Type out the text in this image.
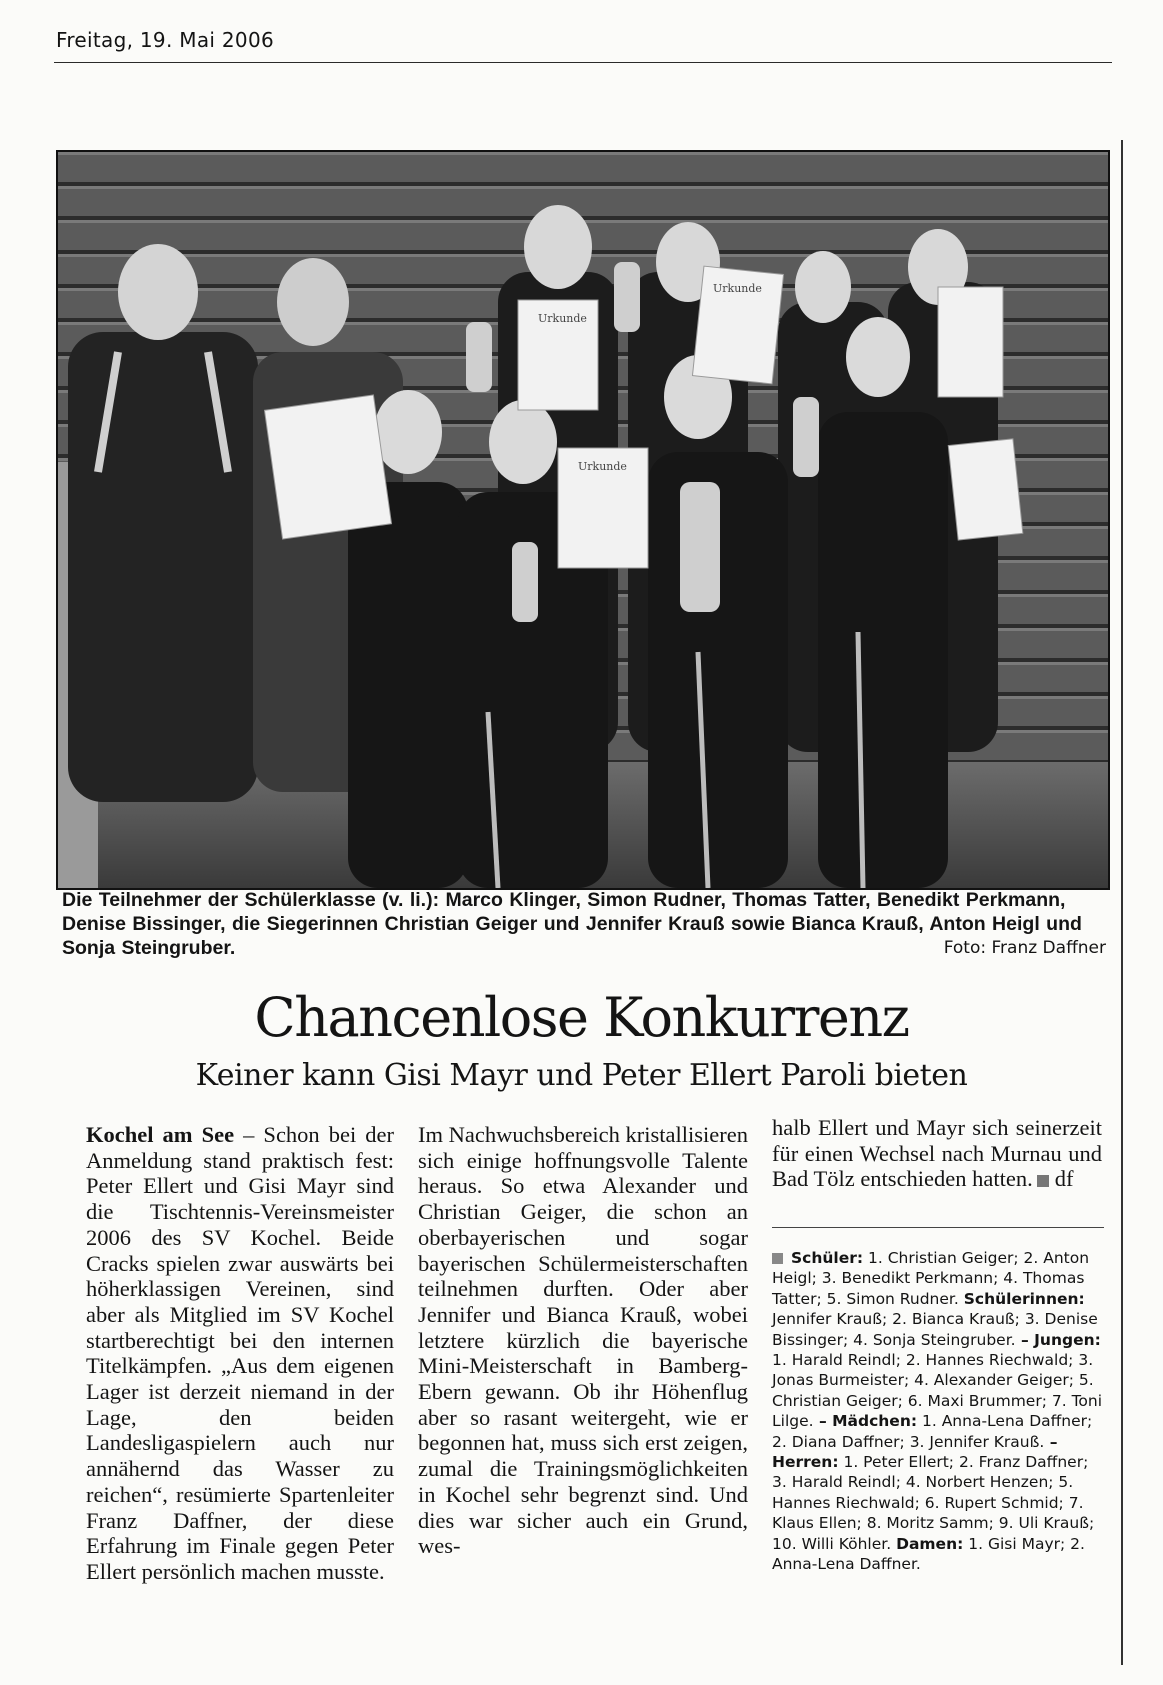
Freitag, 19. Mai 2006
Urkunde
Urkunde
Urkunde
Die Teilnehmer der Schülerklasse (v. li.): Marco Klinger, Simon Rudner, Thomas Tatter, Benedikt Perkmann, Denise Bissinger, die Siegerinnen Christian Geiger und Jennifer Krauß sowie Bianca Krauß, Anton Heigl und Sonja Steingruber.	Foto: Franz Daffner
Chancenlose Konkurrenz
Keiner kann Gisi Mayr und Peter Ellert Paroli bieten
Kochel am See – Schon bei der Anmeldung stand praktisch fest: Peter Ellert und Gisi Mayr sind die Tischtennis-Vereinsmeister 2006 des SV Kochel. Beide Cracks spielen zwar auswärts bei höherklassigen Vereinen, sind aber als Mitglied im SV Kochel startberechtigt bei den internen Titelkämpfen. „Aus dem eigenen Lager ist derzeit niemand in der Lage, den beiden Landesligaspielern auch nur annähernd das Wasser zu reichen“, resümierte Spartenleiter Franz Daffner, der diese Erfahrung im Finale gegen Peter Ellert persönlich machen musste.
Im Nachwuchsbereich kristallisieren sich einige hoffnungsvolle Talente heraus. So etwa Alexander und Christian Geiger, die schon an oberbayerischen und sogar bayerischen Schülermeisterschaften teilnehmen durften. Oder aber Jennifer und Bianca Krauß, wobei letztere kürzlich die bayerische Mini-Meisterschaft in Bamberg-Ebern gewann. Ob ihr Höhenflug aber so rasant weitergeht, wie er begonnen hat, muss sich erst zeigen, zumal die Trainingsmöglichkeiten in Kochel sehr begrenzt sind. Und dies war sicher auch ein Grund, wes-
halb Ellert und Mayr sich seinerzeit für einen Wechsel nach Murnau und Bad Tölz entschieden hatten. df
Schüler: 1. Christian Geiger; 2. Anton Heigl; 3. Benedikt Perkmann; 4. Thomas Tatter; 5. Simon Rudner. Schülerinnen: Jennifer Krauß; 2. Bianca Krauß; 3. Denise Bissinger; 4. Sonja Steingruber. – Jungen: 1. Harald Reindl; 2. Hannes Riechwald; 3. Jonas Burmeister; 4. Alexander Geiger; 5. Christian Geiger; 6. Maxi Brummer; 7. Toni Lilge. – Mädchen: 1. Anna-Lena Daffner; 2. Diana Daffner; 3. Jennifer Krauß. – Herren: 1. Peter Ellert; 2. Franz Daffner; 3. Harald Reindl; 4. Norbert Henzen; 5. Hannes Riechwald; 6. Rupert Schmid; 7. Klaus Ellen; 8. Moritz Samm; 9. Uli Krauß; 10. Willi Köhler. Damen: 1. Gisi Mayr; 2. Anna-Lena Daffner.
